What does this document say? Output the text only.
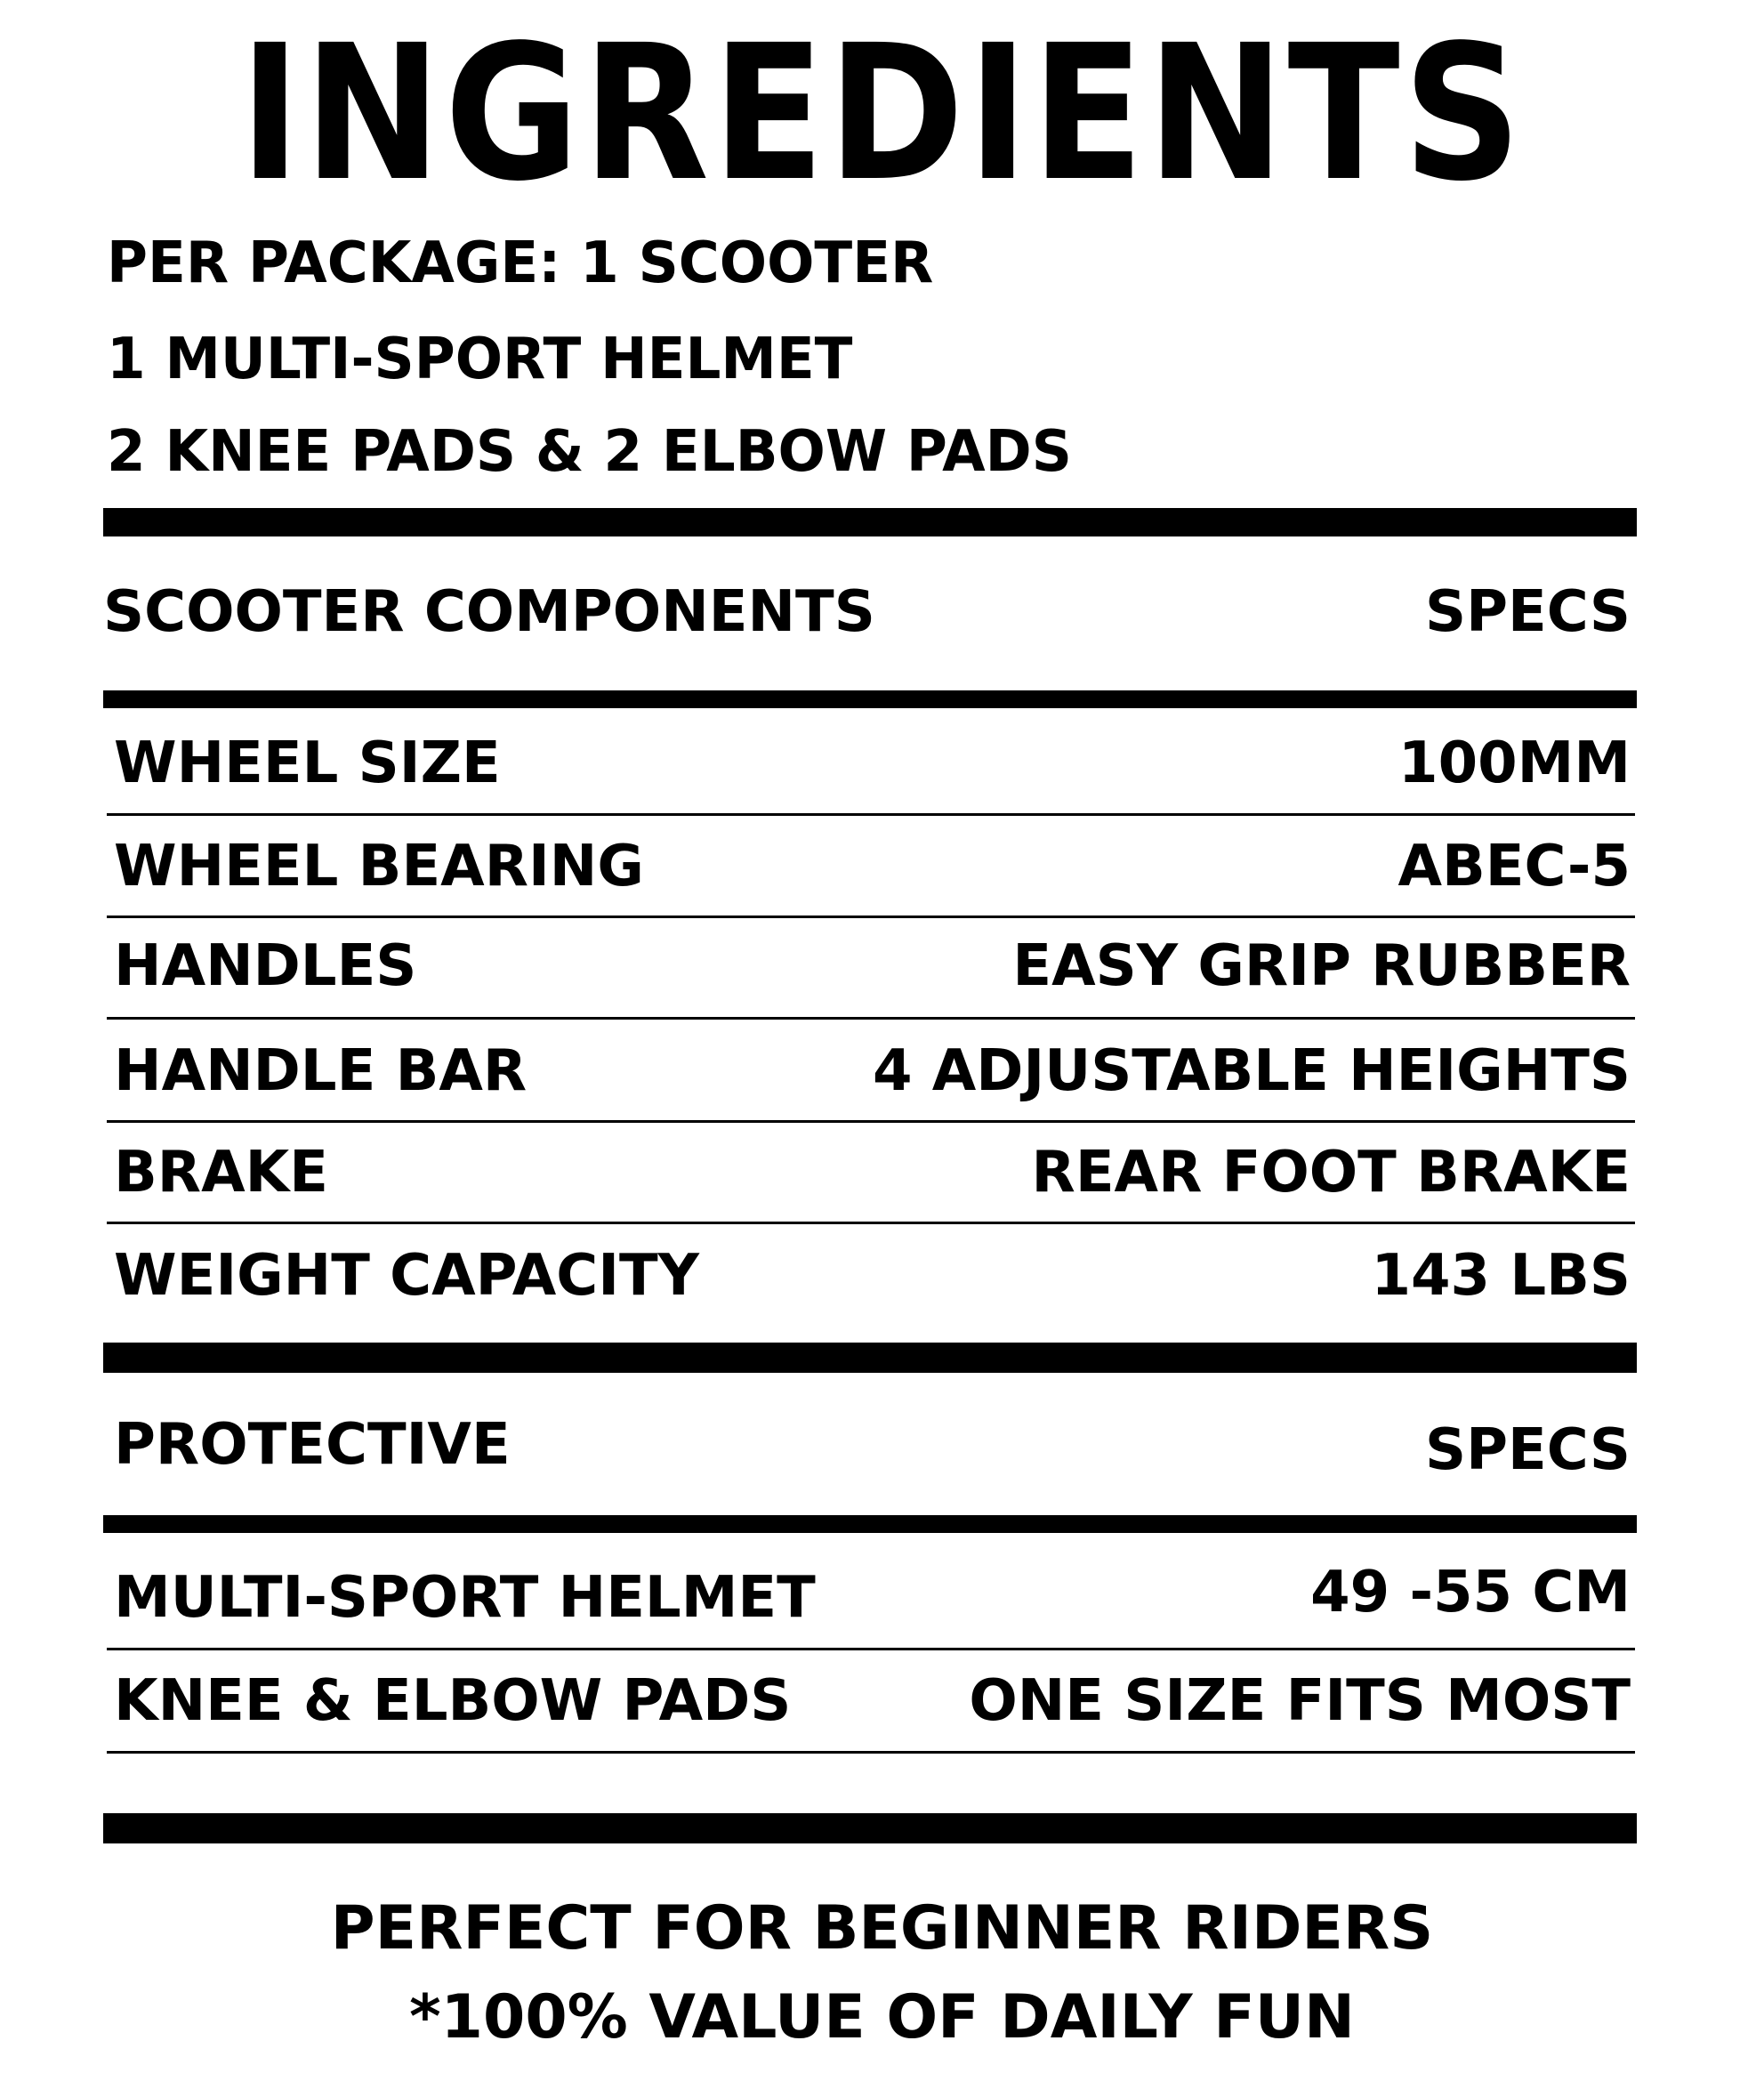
INGREDIENTS
PER PACKAGE: 1 SCOOTER
1 MULTI-SPORT HELMET
2 KNEE PADS & 2 ELBOW PADS
SCOOTER COMPONENTS	SPECS
WHEEL SIZE	100MM
WHEEL BEARING	ABEC-5
HANDLES	EASY GRIP RUBBER
HANDLE BAR	4 ADJUSTABLE HEIGHTS
BRAKE	REAR FOOT BRAKE
WEIGHT CAPACITY	143 LBS
PROTECTIVE	SPECS
MULTI-SPORT HELMET	49 -55 CM
KNEE & ELBOW PADS	ONE SIZE FITS MOST
PERFECT FOR BEGINNER RIDERS
*100% VALUE OF DAILY FUN
